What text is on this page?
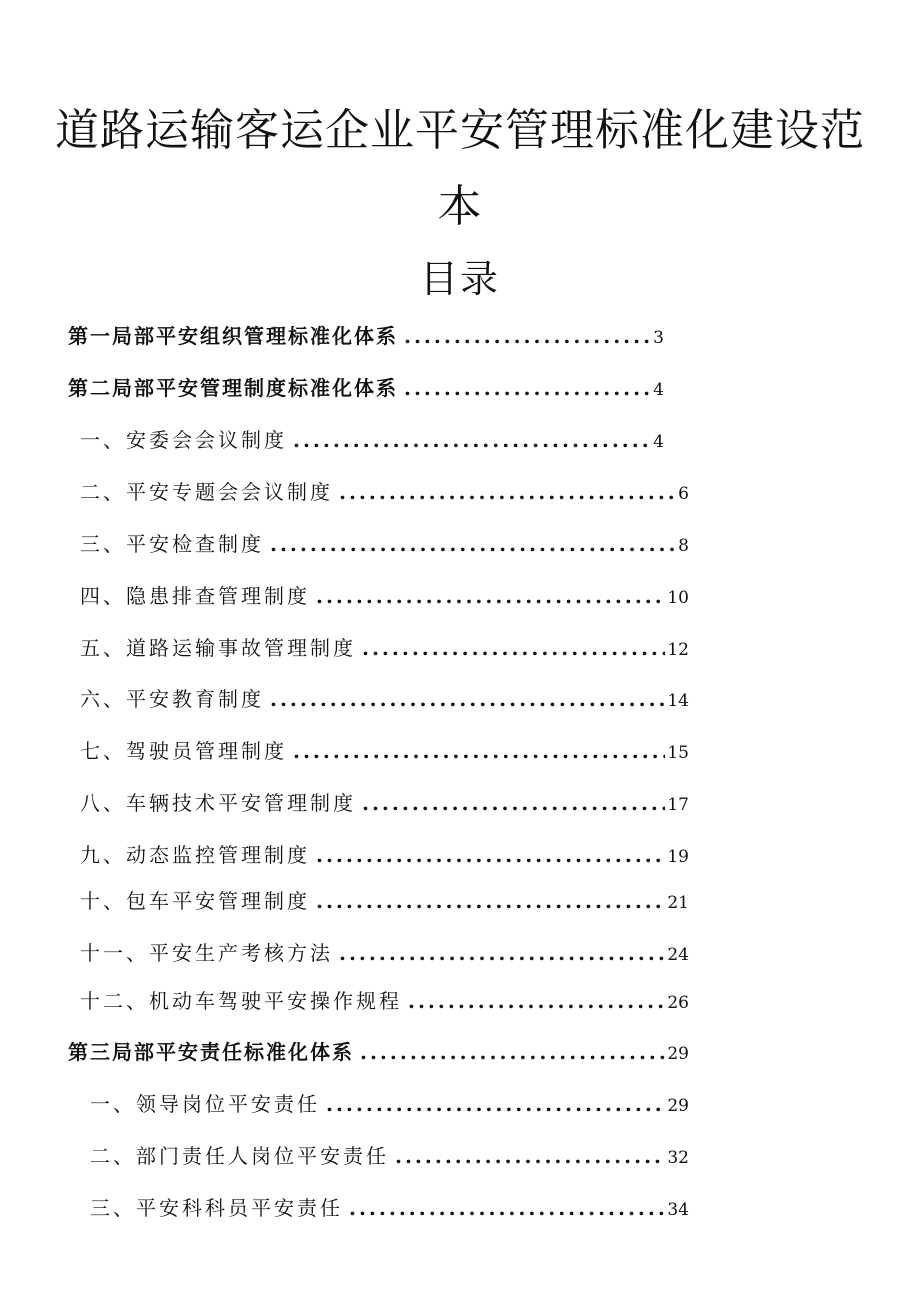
道路运输客运企业平安管理标准化建设范
本
目录
第一局部平安组织管理标准化体系 .....	3
第二局部平安管理制度标准化体系 .....	4
一、安委会会议制度 .....	4
二、平安专题会会议制度 .....	6
三、平安检查制度 .....	8
四、隐患排查管理制度 .....	10
五、道路运输事故管理制度 .....	12
六、平安教育制度 .....	14
七、驾驶员管理制度 .....	15
八、车辆技术平安管理制度 .....	17
九、动态监控管理制度 .....	19
十、包车平安管理制度 .....	21
十一、平安生产考核方法 .....	24
十二、机动车驾驶平安操作规程 .....	26
第三局部平安责任标准化体系 .....	29
一、领导岗位平安责任 .....	29
二、部门责任人岗位平安责任 .....	32
三、平安科科员平安责任 .....	34
